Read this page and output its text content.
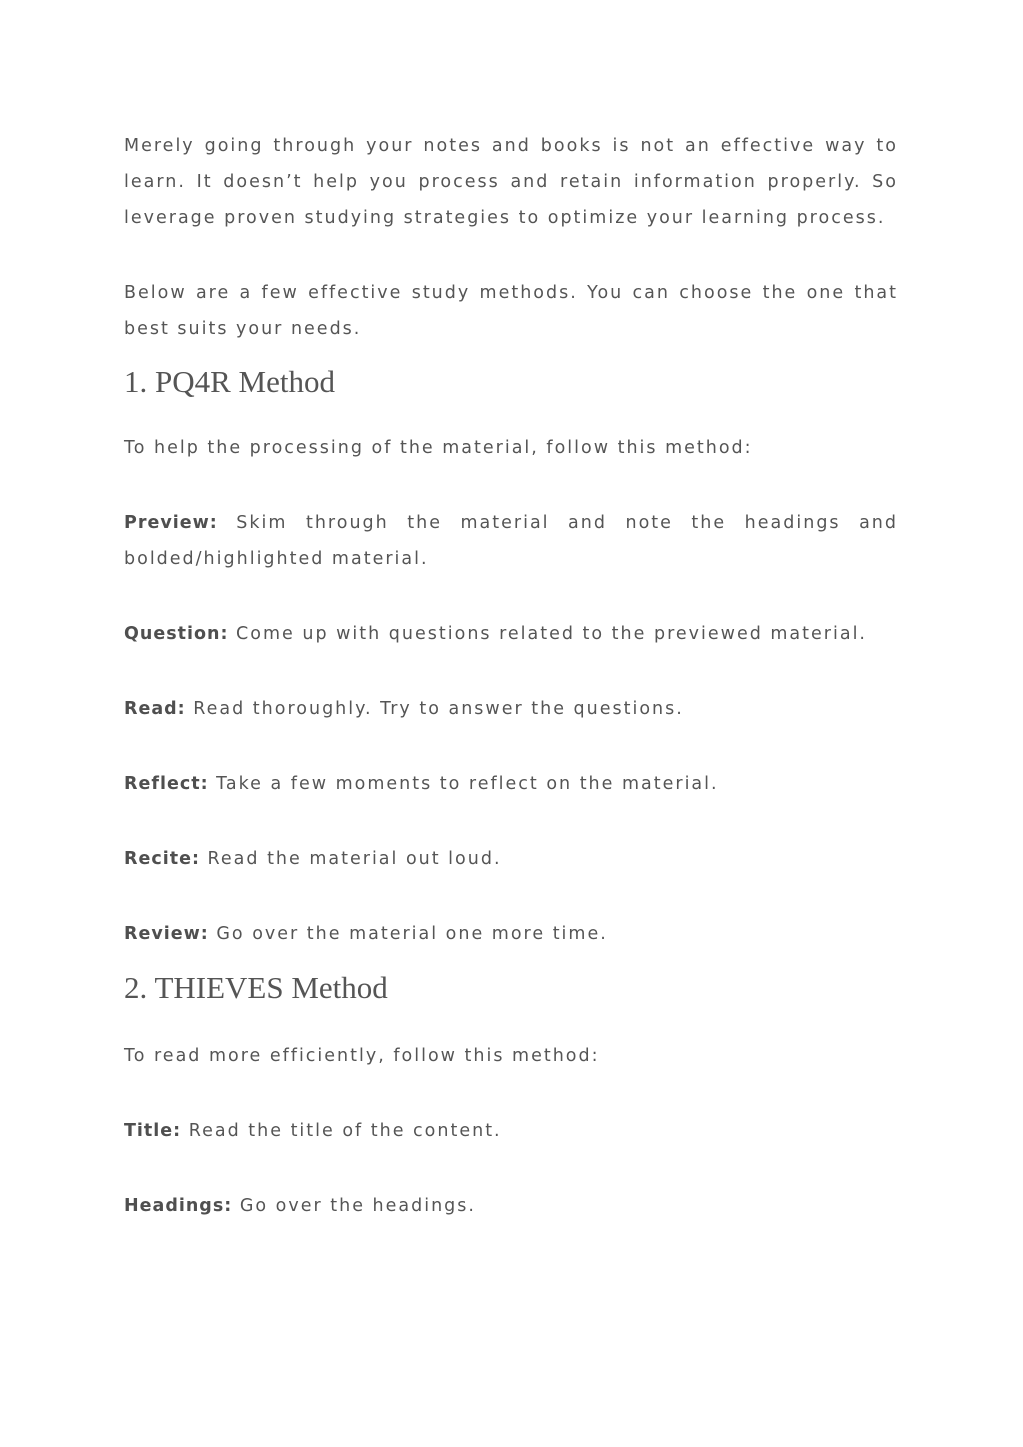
Merely going through your notes and books is not an effective way to learn. It doesn’t help you process and retain information properly. So leverage proven studying strategies to optimize your learning process.

Below are a few effective study methods. You can choose the one that best suits your needs.

1. PQ4R Method

To help the processing of the material, follow this method:

Preview: Skim through the material and note the headings and bolded/highlighted material.

Question: Come up with questions related to the previewed material.

Read: Read thoroughly. Try to answer the questions.

Reflect: Take a few moments to reflect on the material.

Recite: Read the material out loud.

Review: Go over the material one more time.

2. THIEVES Method

To read more efficiently, follow this method:

Title: Read the title of the content.

Headings: Go over the headings.
